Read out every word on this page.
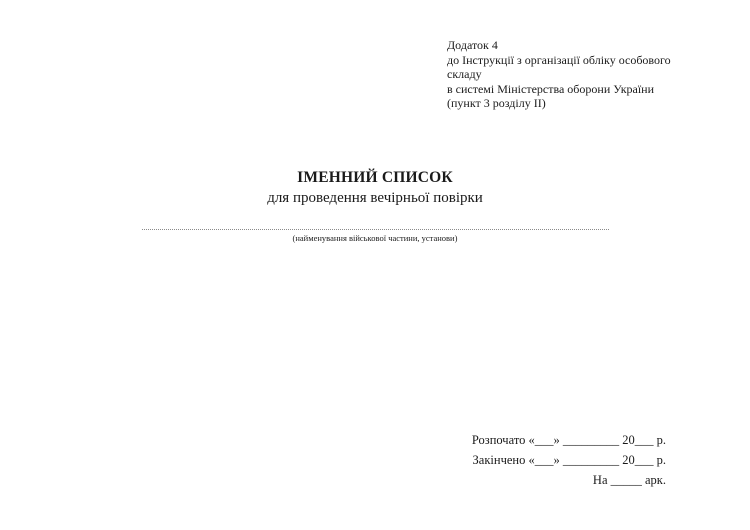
Додаток 4
до Інструкції з організації обліку особового
складу
в системі Міністерства оборони України
(пункт 3 розділу II)
ІМЕННИЙ СПИСОК
для проведення вечірньої повірки
(найменування військової частини, установи)
Розпочато «___» _________ 20___ р.
Закінчено «___» _________ 20___ р.
На _____ арк.
